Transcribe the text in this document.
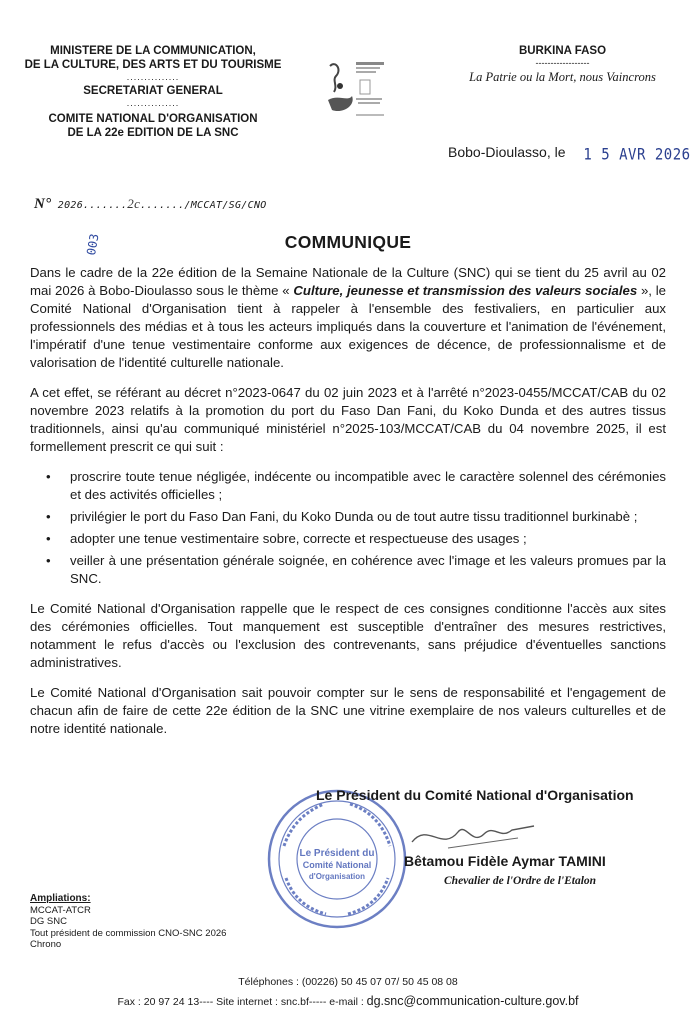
MINISTERE DE LA COMMUNICATION,
DE LA CULTURE, DES ARTS ET DU TOURISME
...............
SECRETARIAT GENERAL
...............
COMITE NATIONAL D'ORGANISATION
DE LA 22e EDITION DE LA SNC
BURKINA FASO
------------------
La Patrie ou la Mort, nous Vaincrons
Bobo-Dioulasso, le 1 5 AVR 2026
N° 2026.......2c......./MCCAT/SG/CNO
003	COMMUNIQUE

Dans le cadre de la 22e édition de la Semaine Nationale de la Culture (SNC) qui se tient du 25 avril au 02 mai 2026 à Bobo-Dioulasso sous le thème « Culture, jeunesse et transmission des valeurs sociales », le Comité National d'Organisation tient à rappeler à l'ensemble des festivaliers, en particulier aux professionnels des médias et à tous les acteurs impliqués dans la couverture et l'animation de l'événement, l'impératif d'une tenue vestimentaire conforme aux exigences de décence, de professionnalisme et de valorisation de l'identité culturelle nationale.

A cet effet, se référant au décret n°2023-0647 du 02 juin 2023 et à l'arrêté n°2023-0455/MCCAT/CAB du 02 novembre 2023 relatifs à la promotion du port du Faso Dan Fani, du Koko Dunda et des autres tissus traditionnels, ainsi qu'au communiqué ministériel n°2025-103/MCCAT/CAB du 04 novembre 2025, il est formellement prescrit ce qui suit :

• proscrire toute tenue négligée, indécente ou incompatible avec le caractère solennel des cérémonies et des activités officielles ;
• privilégier le port du Faso Dan Fani, du Koko Dunda ou de tout autre tissu traditionnel burkinabè ;
• adopter une tenue vestimentaire sobre, correcte et respectueuse des usages ;
• veiller à une présentation générale soignée, en cohérence avec l'image et les valeurs promues par la SNC.

Le Comité National d'Organisation rappelle que le respect de ces consignes conditionne l'accès aux sites des cérémonies officielles. Tout manquement est susceptible d'entraîner des mesures restrictives, notamment le refus d'accès ou l'exclusion des contrevenants, sans préjudice d'éventuelles sanctions administratives.

Le Comité National d'Organisation sait pouvoir compter sur le sens de responsabilité et l'engagement de chacun afin de faire de cette 22e édition de la SNC une vitrine exemplaire de nos valeurs culturelles et de notre identité nationale.

Le Président du
Comité National
d'Organisation
Le Président du Comité National d'Organisation
Bêtamou Fidèle Aymar TAMINI
Chevalier de l'Ordre de l'Etalon
Ampliations:
MCCAT-ATCR
DG SNC
Tout président de commission CNO-SNC 2026
Chrono
Téléphones : (00226) 50 45 07 07/ 50 45 08 08
Fax : 20 97 24 13---- Site internet : snc.bf----- e-mail : dg.snc@communication-culture.gov.bf
